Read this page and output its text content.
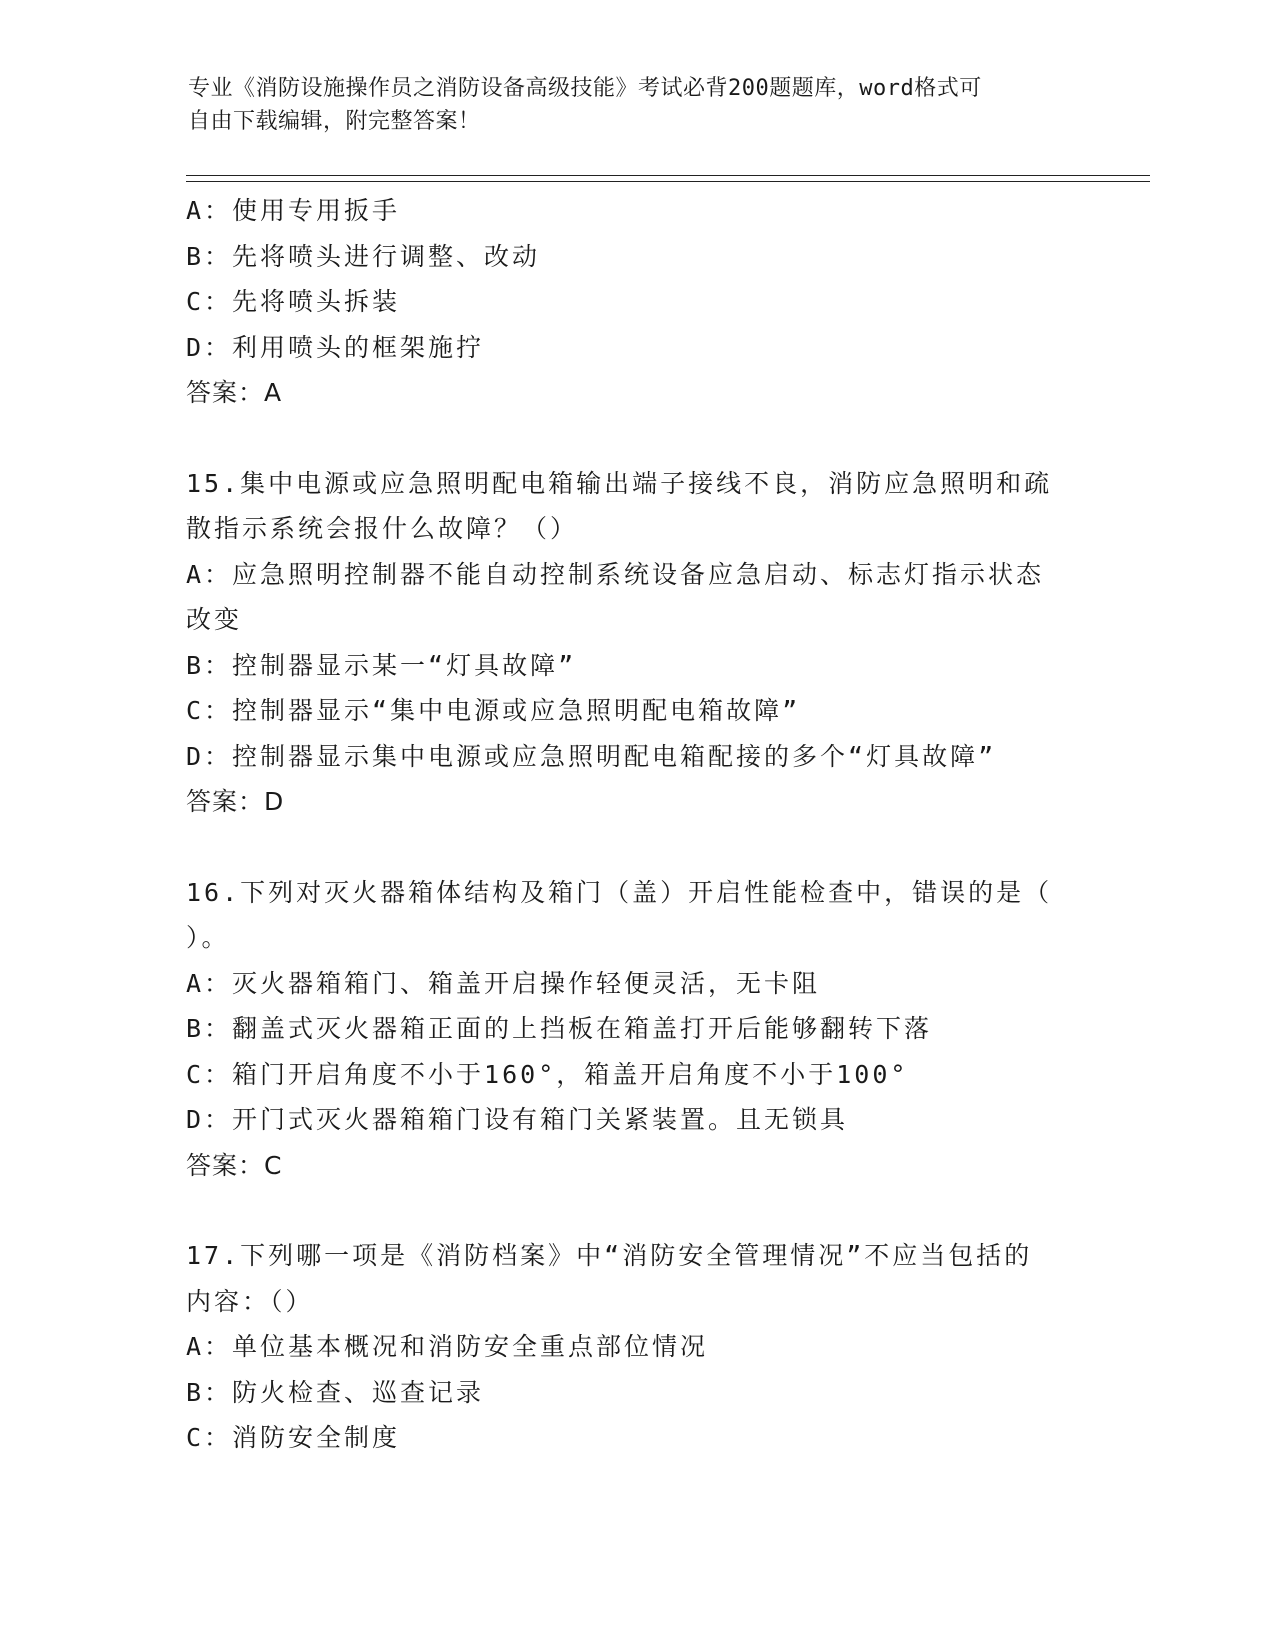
专业《消防设施操作员之消防设备高级技能》考试必背200题题库，word格式可
自由下载编辑，附完整答案！
A：使用专用扳手
B：先将喷头进行调整、改动
C：先将喷头拆装
D：利用喷头的框架施拧
答案：A
15.集中电源或应急照明配电箱输出端子接线不良，消防应急照明和疏
散指示系统会报什么故障？（）
A：应急照明控制器不能自动控制系统设备应急启动、标志灯指示状态
改变
B：控制器显示某一“灯具故障”
C：控制器显示“集中电源或应急照明配电箱故障”
D：控制器显示集中电源或应急照明配电箱配接的多个“灯具故障”
答案：D
16.下列对灭火器箱体结构及箱门（盖）开启性能检查中，错误的是（
）。
A：灭火器箱箱门、箱盖开启操作轻便灵活，无卡阻
B：翻盖式灭火器箱正面的上挡板在箱盖打开后能够翻转下落
C：箱门开启角度不小于160°，箱盖开启角度不小于100°
D：开门式灭火器箱箱门设有箱门关紧装置。且无锁具
答案：C
17.下列哪一项是《消防档案》中“消防安全管理情况”不应当包括的
内容：（）
A：单位基本概况和消防安全重点部位情况
B：防火检查、巡查记录
C：消防安全制度
